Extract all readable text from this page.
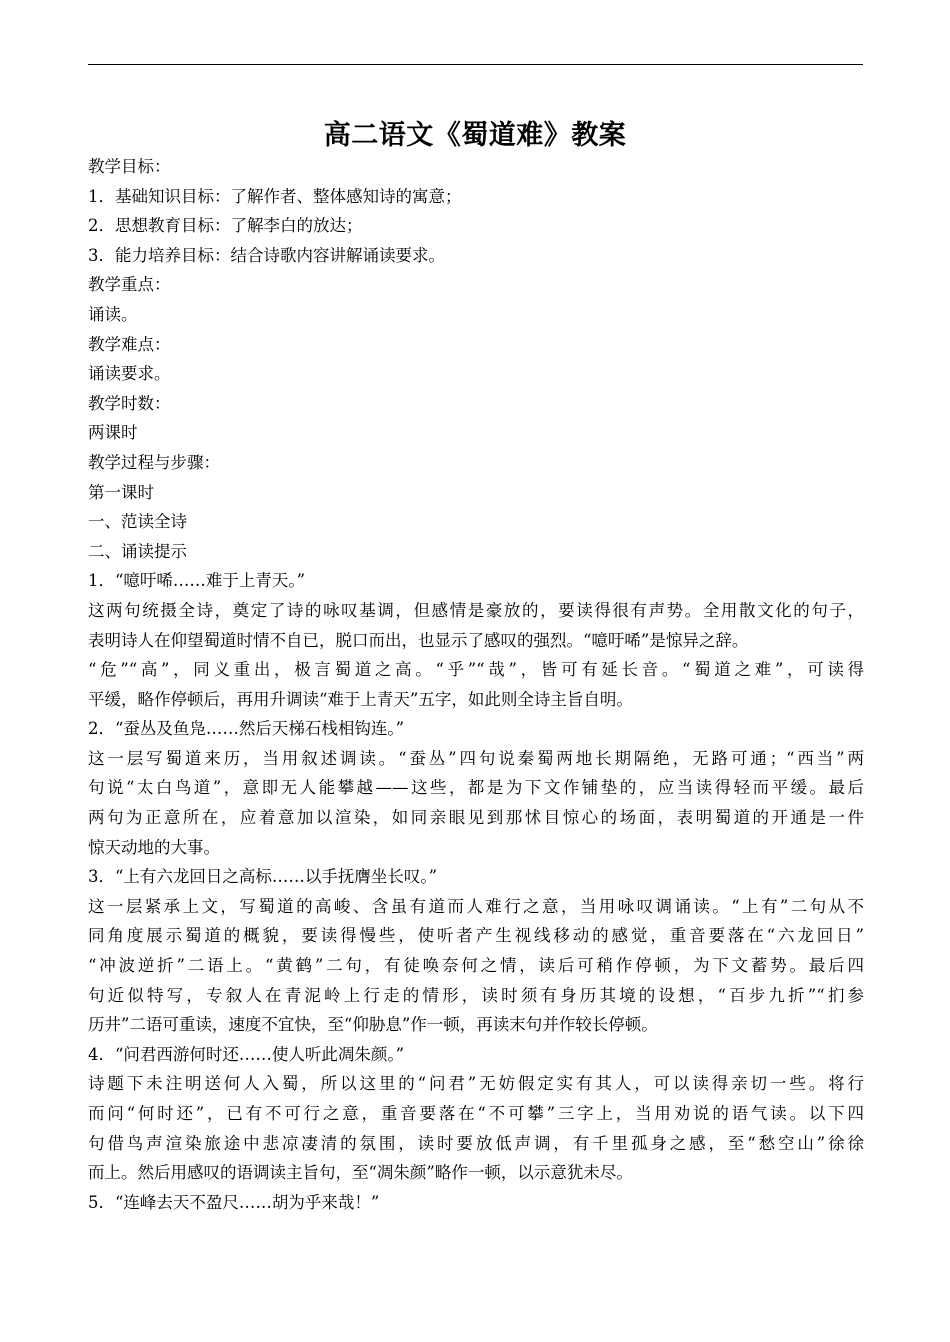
高二语文《蜀道难》教案
教学目标：
1．基础知识目标：了解作者、整体感知诗的寓意；
2．思想教育目标：了解李白的放达；
3．能力培养目标：结合诗歌内容讲解诵读要求。
教学重点：
诵读。
教学难点：
诵读要求。
教学时数：
两课时
教学过程与步骤：
第一课时
一、范读全诗
二、诵读提示
1．“噫吁唏……难于上青天。”
这两句统摄全诗，奠定了诗的咏叹基调，但感情是豪放的，要读得很有声势。全用散文化的句子，
表明诗人在仰望蜀道时情不自已，脱口而出，也显示了感叹的强烈。“噫吁唏”是惊异之辞。
“危”“高”，同义重出，极言蜀道之高。“乎”“哉”，皆可有延长音。“蜀道之难”，可读得
平缓，略作停顿后，再用升调读“难于上青天”五字，如此则全诗主旨自明。
2．“蚕丛及鱼凫……然后天梯石栈相钩连。”
这一层写蜀道来历，当用叙述调读。“蚕丛”四句说秦蜀两地长期隔绝，无路可通；“西当”两
句说“太白鸟道”，意即无人能攀越——这些，都是为下文作铺垫的，应当读得轻而平缓。最后
两句为正意所在，应着意加以渲染，如同亲眼见到那怵目惊心的场面，表明蜀道的开通是一件
惊天动地的大事。
3．“上有六龙回日之高标……以手抚膺坐长叹。”
这一层紧承上文，写蜀道的高峻、含虽有道而人难行之意，当用咏叹调诵读。“上有”二句从不
同角度展示蜀道的概貌，要读得慢些，使听者产生视线移动的感觉，重音要落在“六龙回日”
“冲波逆折”二语上。“黄鹤”二句，有徒唤奈何之情，读后可稍作停顿，为下文蓄势。最后四
句近似特写，专叙人在青泥岭上行走的情形，读时须有身历其境的设想，“百步九折”“扪参
历井”二语可重读，速度不宜快，至“仰胁息”作一顿，再读末句并作较长停顿。
4．“问君西游何时还……使人听此凋朱颜。”
诗题下未注明送何人入蜀，所以这里的“问君”无妨假定实有其人，可以读得亲切一些。将行
而问“何时还”，已有不可行之意，重音要落在“不可攀”三字上，当用劝说的语气读。以下四
句借鸟声渲染旅途中悲凉凄清的氛围，读时要放低声调，有千里孤身之感，至“愁空山”徐徐
而上。然后用感叹的语调读主旨句，至“凋朱颜”略作一顿，以示意犹未尽。
5．“连峰去天不盈尺……胡为乎来哉！”
